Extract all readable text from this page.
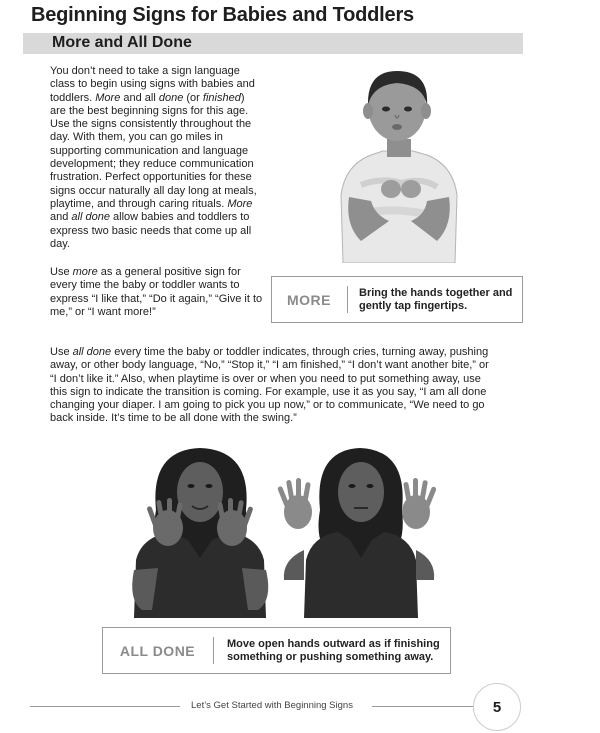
Beginning Signs for Babies and Toddlers
More and All Done

You don’t need to take a sign language class to begin using signs with babies and toddlers. More and all done (or finished) are the best beginning signs for this age. Use the signs consistently throughout the day. With them, you can go miles in supporting communication and language development; they reduce communication frustration. Perfect opportunities for these signs occur naturally all day long at meals, playtime, and through caring rituals. More and all done allow babies and toddlers to express two basic needs that come up all day.

Use more as a general positive sign for every time the baby or toddler wants to express “I like that,” “Do it again,” “Give it to me,” or “I want more!”

MORE	Bring the hands together and gently tap fingertips.

Use all done every time the baby or toddler indicates, through cries, turning away, pushing away, or other body language, “No,” “Stop it,” “I am finished,” “I don’t want another bite,” or “I don’t like it.” Also, when playtime is over or when you need to put something away, use this sign to indicate the transition is coming. For example, use it as you say, “I am all done changing your diaper. I am going to pick you up now,” or to communicate, “We need to go back inside. It’s time to be all done with the swing.”

ALL DONE	Move open hands outward as if finishing something or pushing something away.
Let’s Get Started with Beginning Signs	5
